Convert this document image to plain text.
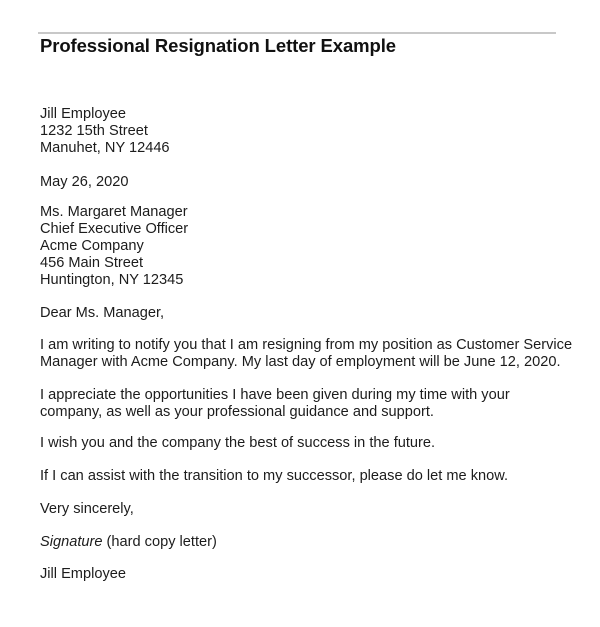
Professional Resignation Letter Example
Jill Employee
1232 15th Street
Manuhet, NY 12446
May 26, 2020
Ms. Margaret Manager
Chief Executive Officer
Acme Company
456 Main Street
Huntington, NY 12345
Dear Ms. Manager,
I am writing to notify you that I am resigning from my position as Customer Service
Manager with Acme Company. My last day of employment will be June 12, 2020.
I appreciate the opportunities I have been given during my time with your
company, as well as your professional guidance and support.
I wish you and the company the best of success in the future.
If I can assist with the transition to my successor, please do let me know.
Very sincerely,
Signature (hard copy letter)
Jill Employee
